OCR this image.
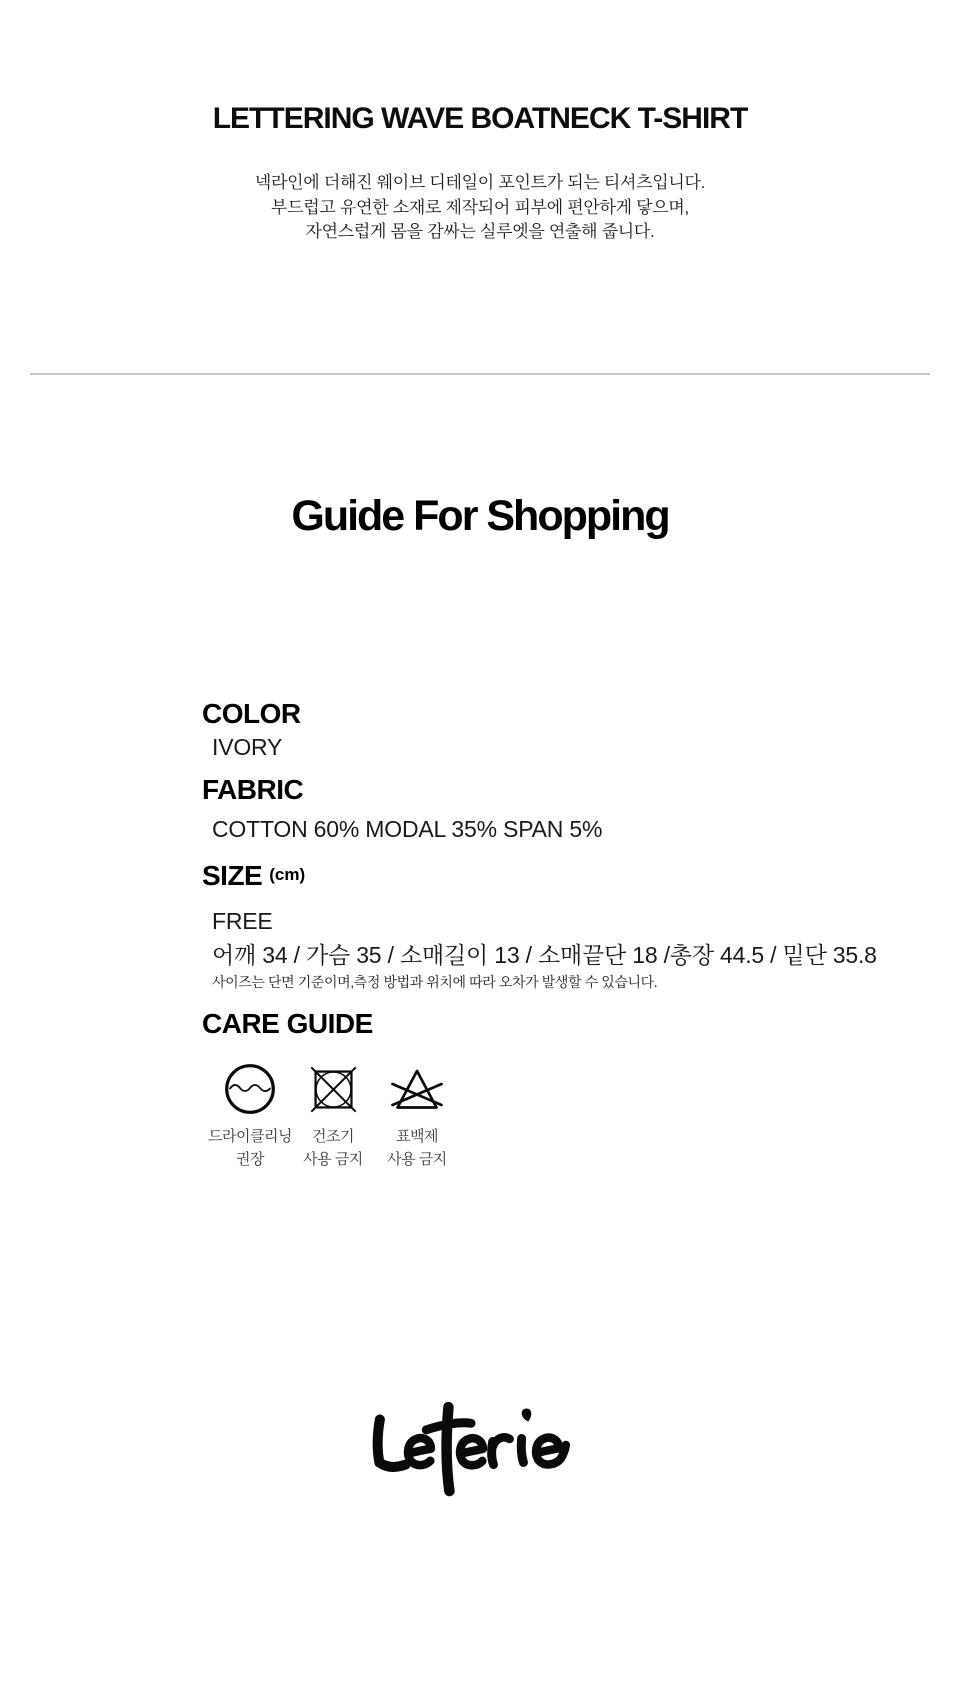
LETTERING WAVE BOATNECK T-SHIRT
넥라인에 더해진 웨이브 디테일이 포인트가 되는 티셔츠입니다.
부드럽고 유연한 소재로 제작되어 피부에 편안하게 닿으며,
자연스럽게 몸을 감싸는 실루엣을 연출해 줍니다.
Guide For Shopping
COLOR
IVORY
FABRIC
COTTON 60% MODAL 35% SPAN 5%
SIZE (cm)
FREE
어깨 34 / 가슴 35 / 소매길이 13 / 소매끝단 18 /총장 44.5 / 밑단 35.8
사이즈는 단면 기준이며,측정 방법과 위치에 따라 오차가 발생할 수 있습니다.
CARE GUIDE
드라이클리닝
권장
건조기
사용 금지
표백제
사용 금지
